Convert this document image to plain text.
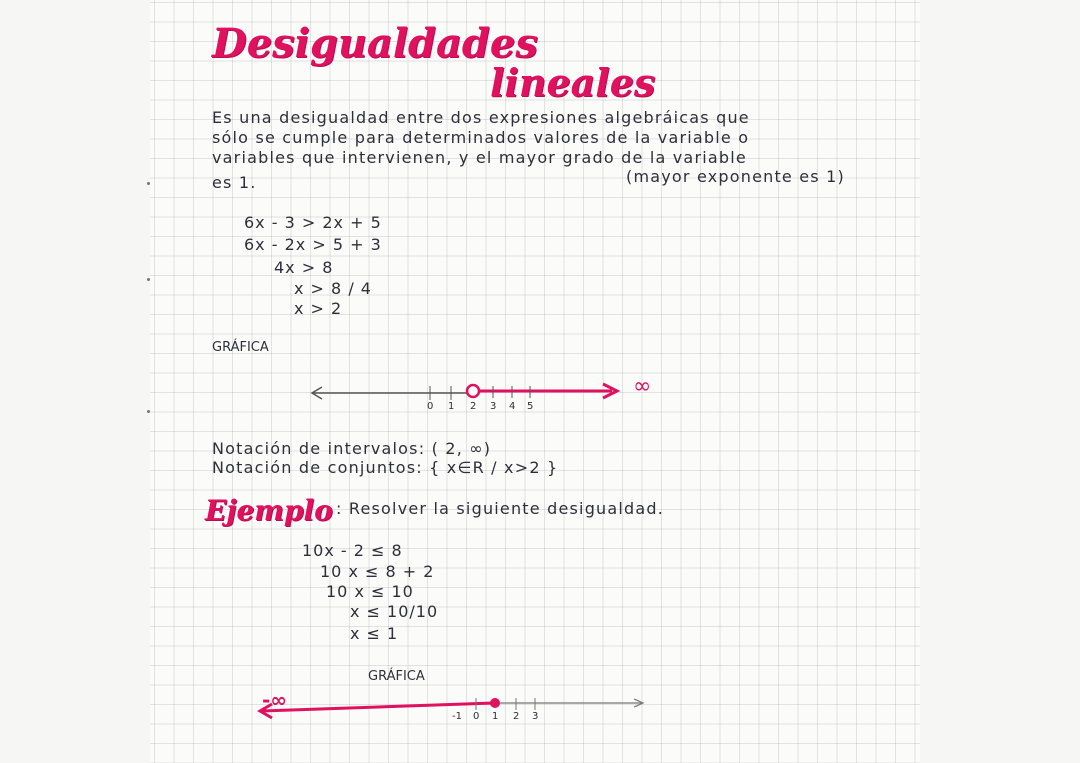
Desigualdades
lineales
Es una desigualdad entre dos expresiones algebráicas que
sólo se cumple para determinados valores de la variable o
variables que intervienen, y el mayor grado de la variable
es 1.	(mayor exponente es 1)
6x - 3 > 2x + 5
6x - 2x > 5 + 3
4x > 8
x > 8 / 4
x > 2
GRÁFICA
0 1 2 3 4 5
∞
Notación de intervalos: ( 2, ∞)
Notación de conjuntos: { x∈R / x>2 }
Ejemplo : Resolver la siguiente desigualdad.
10x - 2 ≤ 8
10 x ≤ 8 + 2
10 x ≤ 10
x ≤ 10/10
x ≤ 1
GRÁFICA
-1 0 1 2 3
-∞
